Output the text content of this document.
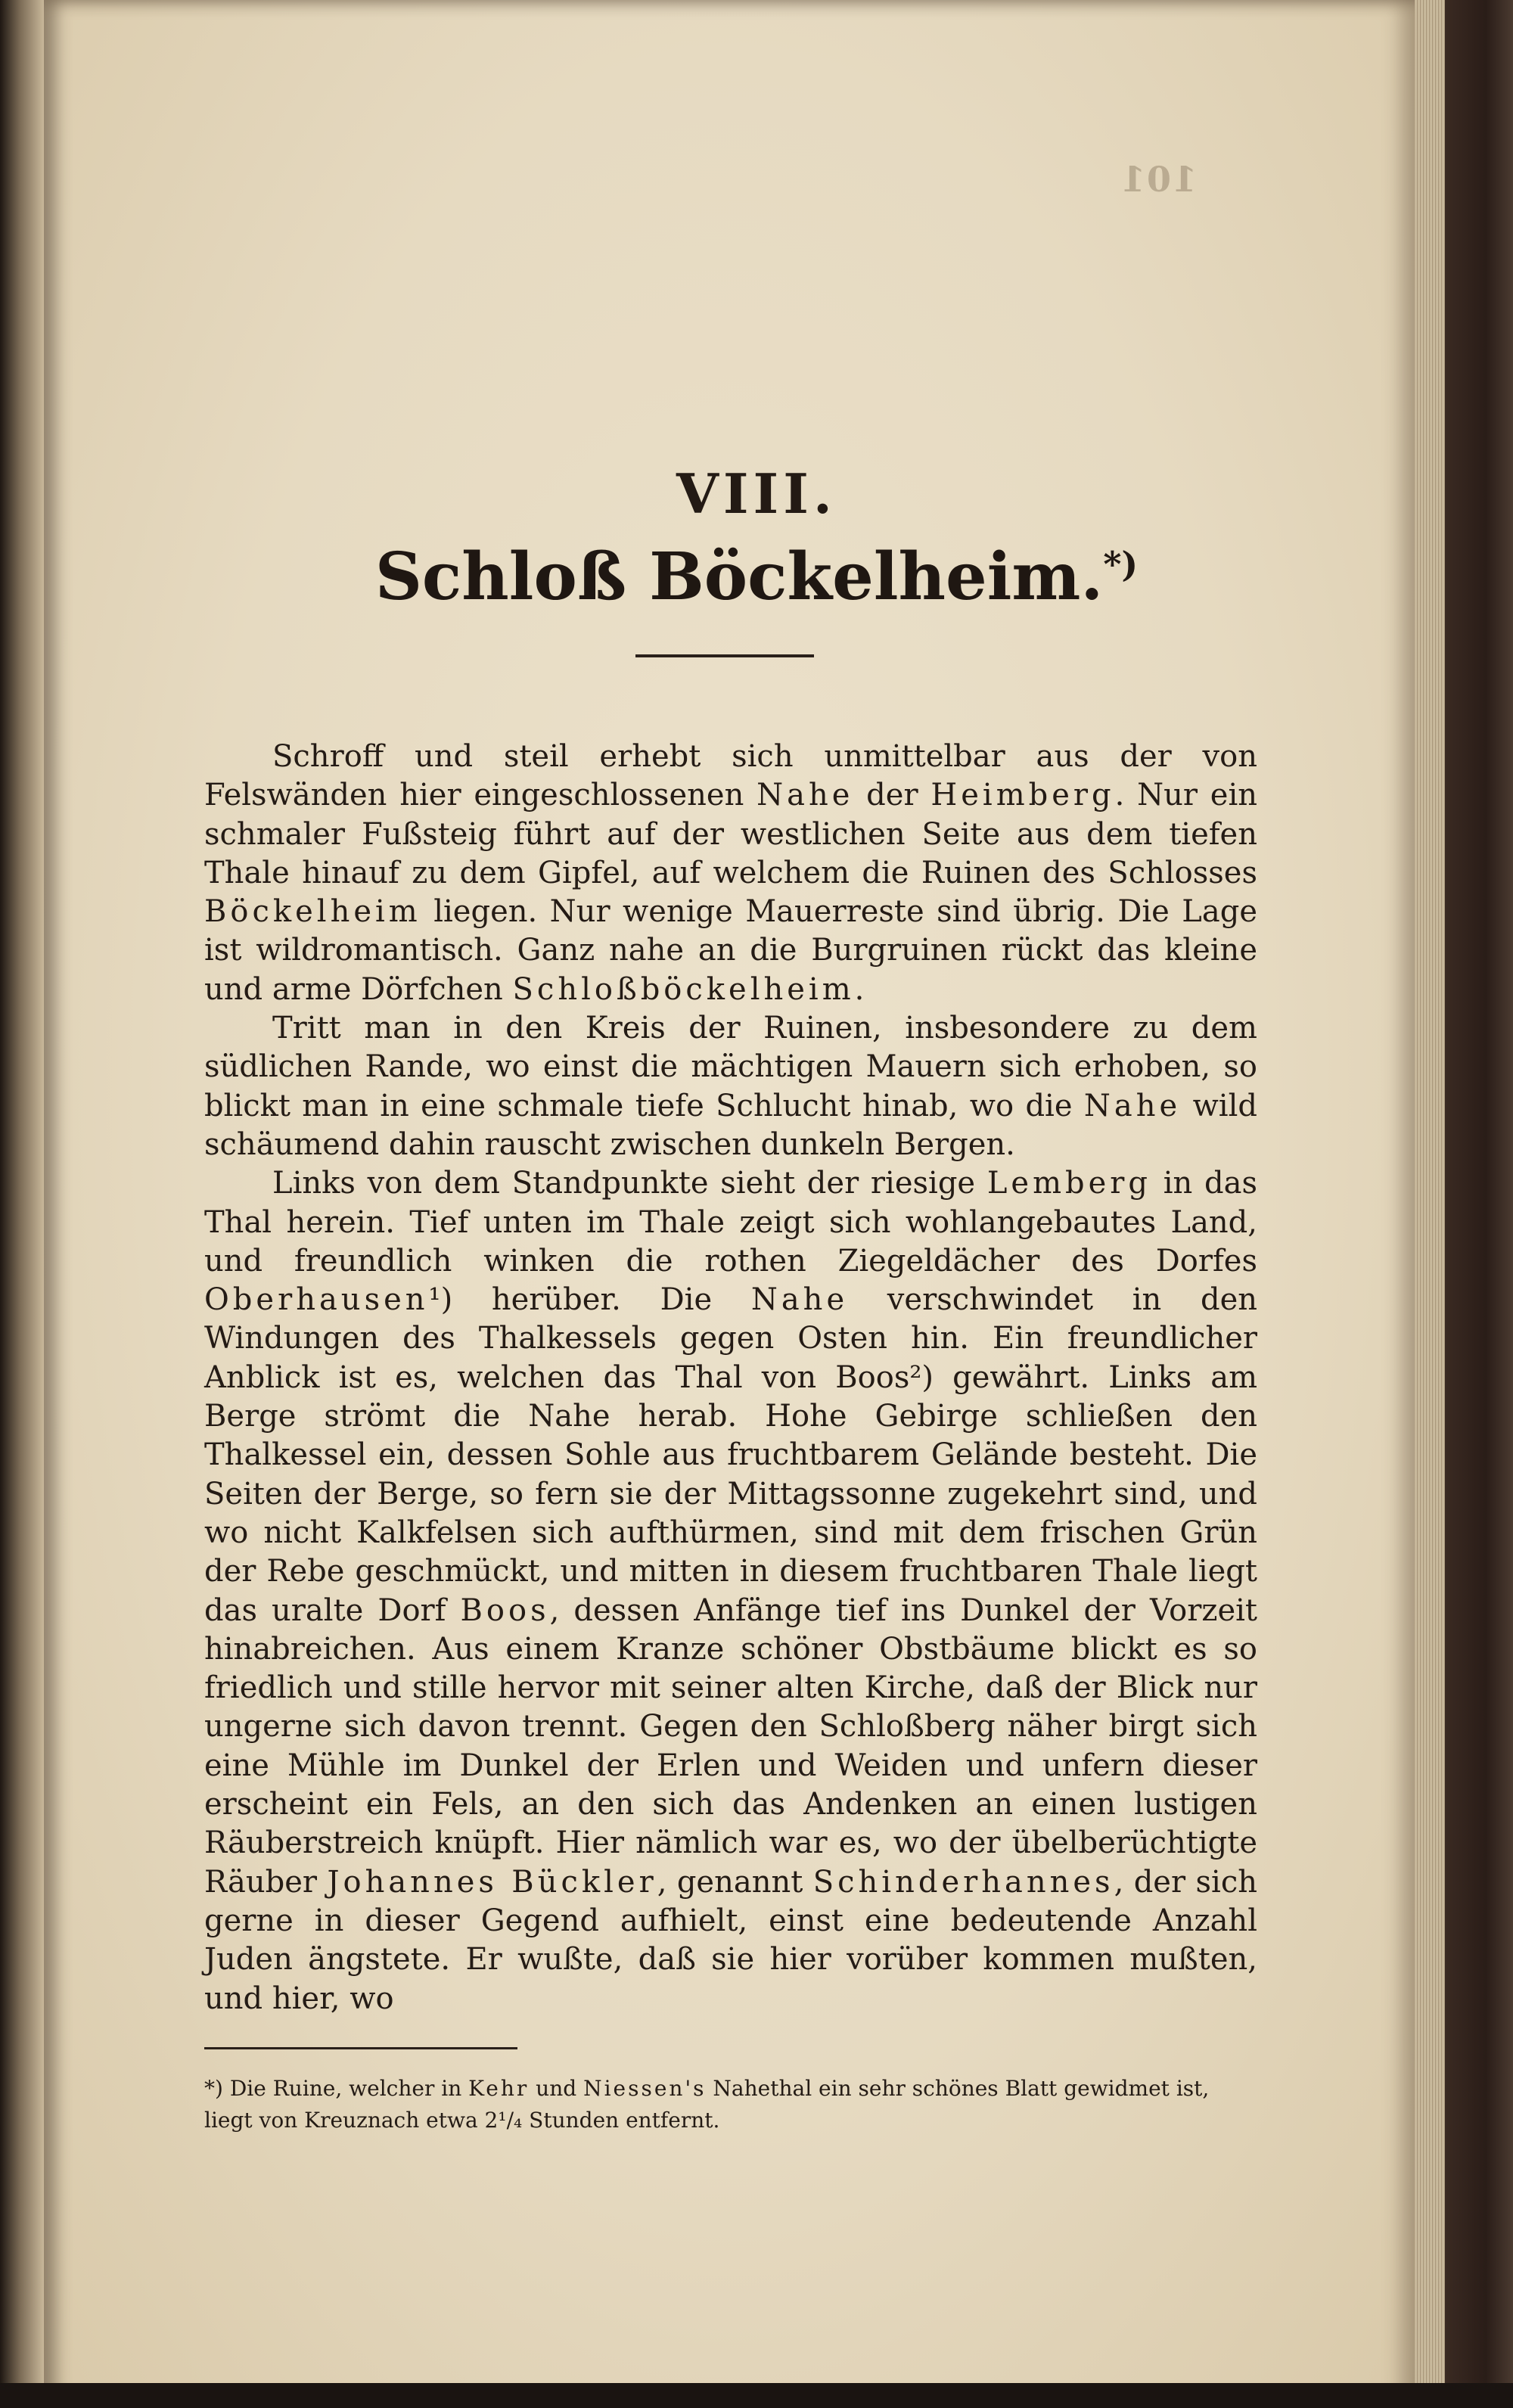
101
VIII.
Schloß Böckelheim.*)

Schroff und steil erhebt sich unmittelbar aus der von Felswänden hier eingeschlossenen Nahe der Heimberg. Nur ein schmaler Fußsteig führt auf der westlichen Seite aus dem tiefen Thale hinauf zu dem Gipfel, auf welchem die Ruinen des Schlosses Böckelheim liegen. Nur wenige Mauerreste sind übrig. Die Lage ist wildromantisch. Ganz nahe an die Burgruinen rückt das kleine und arme Dörfchen Schloßböckelheim.

Tritt man in den Kreis der Ruinen, insbesondere zu dem südlichen Rande, wo einst die mächtigen Mauern sich erhoben, so blickt man in eine schmale tiefe Schlucht hinab, wo die Nahe wild schäumend dahin rauscht zwischen dunkeln Bergen.

Links von dem Standpunkte sieht der riesige Lemberg in das Thal herein. Tief unten im Thale zeigt sich wohlangebautes Land, und freundlich winken die rothen Ziegeldächer des Dorfes Oberhausen¹) herüber. Die Nahe verschwindet in den Windungen des Thalkessels gegen Osten hin. Ein freundlicher Anblick ist es, welchen das Thal von Boos²) gewährt. Links am Berge strömt die Nahe herab. Hohe Gebirge schließen den Thalkessel ein, dessen Sohle aus fruchtbarem Gelände besteht. Die Seiten der Berge, so fern sie der Mittagssonne zugekehrt sind, und wo nicht Kalkfelsen sich aufthürmen, sind mit dem frischen Grün der Rebe geschmückt, und mitten in diesem fruchtbaren Thale liegt das uralte Dorf Boos, dessen Anfänge tief ins Dunkel der Vorzeit hinabreichen. Aus einem Kranze schöner Obstbäume blickt es so friedlich und stille hervor mit seiner alten Kirche, daß der Blick nur ungerne sich davon trennt. Gegen den Schloßberg näher birgt sich eine Mühle im Dunkel der Erlen und Weiden und unfern dieser erscheint ein Fels, an den sich das Andenken an einen lustigen Räuberstreich knüpft. Hier nämlich war es, wo der übelberüchtigte Räuber Johannes Bückler, genannt Schinderhannes, der sich gerne in dieser Gegend aufhielt, einst eine bedeutende Anzahl Juden ängstete. Er wußte, daß sie hier vorüber kommen mußten, und hier, wo

*) Die Ruine, welcher in Kehr und Niessen's Nahethal ein sehr schönes Blatt gewidmet ist, liegt von Kreuznach etwa 2¹/₄ Stunden entfernt.
